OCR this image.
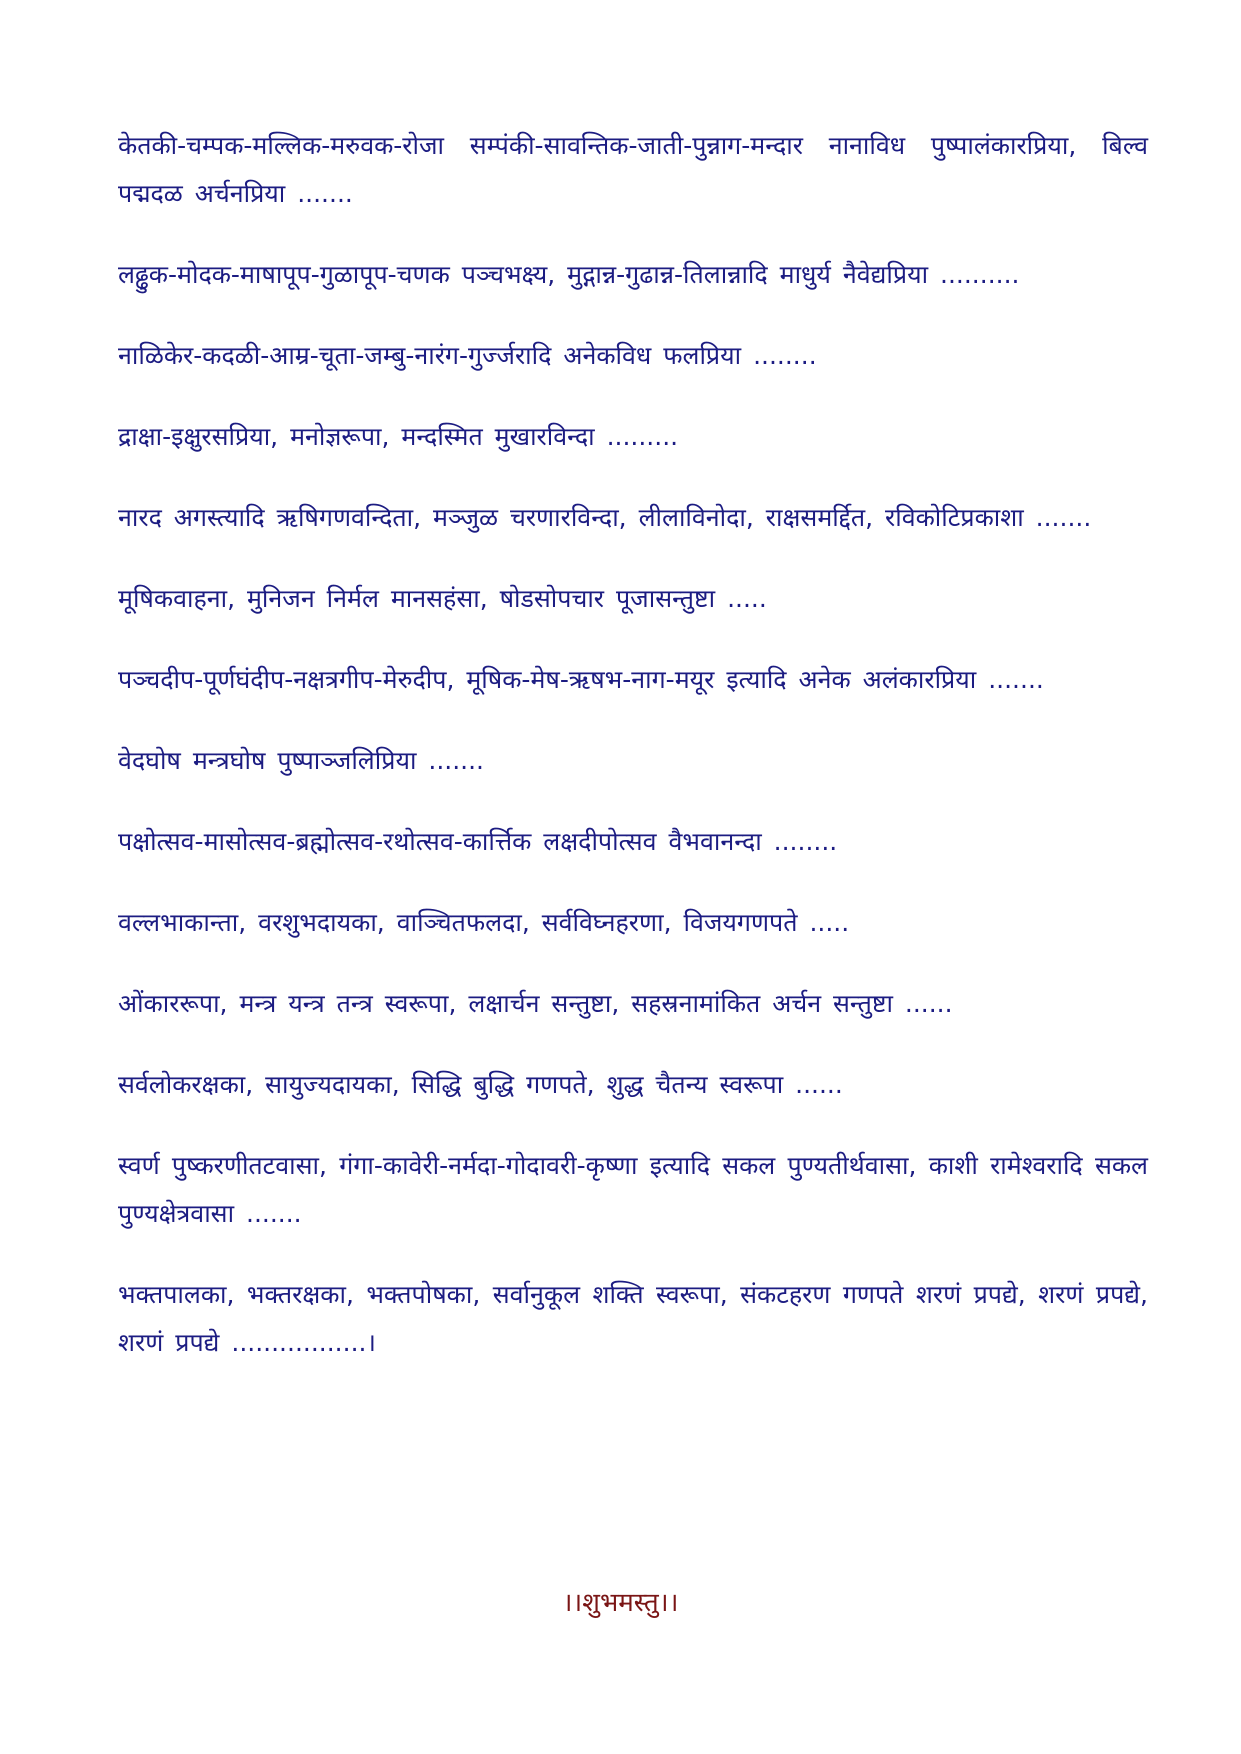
केतकी-चम्पक-मल्लिक-मरुवक-रोजा सम्पंकी-सावन्तिक-जाती-पुन्नाग-मन्दार नानाविध पुष्पालंकारप्रिया, बिल्व पद्मदळ अर्चनप्रिया .......

लढ्ढुक-मोदक-माषापूप-गुळापूप-चणक पञ्चभक्ष्य, मुद्गान्न-गुढान्न-तिलान्नादि माधुर्य नैवेद्यप्रिया ..........

नाळिकेर-कदळी-आम्र-चूता-जम्बु-नारंग-गुर्ज्जरादि अनेकविध फलप्रिया ........

द्राक्षा-इक्षुरसप्रिया, मनोज्ञरूपा, मन्दस्मित मुखारविन्दा .........

नारद अगस्त्यादि ऋषिगणवन्दिता, मञ्जुळ चरणारविन्दा, लीलाविनोदा, राक्षसमर्द्दित, रविकोटिप्रकाशा .......

मूषिकवाहना, मुनिजन निर्मल मानसहंसा, षोडसोपचार पूजासन्तुष्टा .....

पञ्चदीप-पूर्णघंदीप-नक्षत्रगीप-मेरुदीप, मूषिक-मेष-ऋषभ-नाग-मयूर इत्यादि अनेक अलंकारप्रिया .......

वेदघोष मन्त्रघोष पुष्पाञ्जलिप्रिया .......

पक्षोत्सव-मासोत्सव-ब्रह्मोत्सव-रथोत्सव-कार्त्तिक लक्षदीपोत्सव वैभवानन्दा ........

वल्लभाकान्ता, वरशुभदायका, वाञ्चितफलदा, सर्वविघ्नहरणा, विजयगणपते .....

ओंकाररूपा, मन्त्र यन्त्र तन्त्र स्वरूपा, लक्षार्चन सन्तुष्टा, सहस्रनामांकित अर्चन सन्तुष्टा ......

सर्वलोकरक्षका, सायुज्यदायका, सिद्धि बुद्धि गणपते, शुद्ध चैतन्य स्वरूपा ......

स्वर्ण पुष्करणीतटवासा, गंगा-कावेरी-नर्मदा-गोदावरी-कृष्णा इत्यादि सकल पुण्यतीर्थवासा, काशी रामेश्वरादि सकल पुण्यक्षेत्रवासा .......

भक्तपालका, भक्तरक्षका, भक्तपोषका, सर्वानुकूल शक्ति स्वरूपा, संकटहरण गणपते शरणं प्रपद्ये, शरणं प्रपद्ये, शरणं प्रपद्ये .................।

।।शुभमस्तु।।
